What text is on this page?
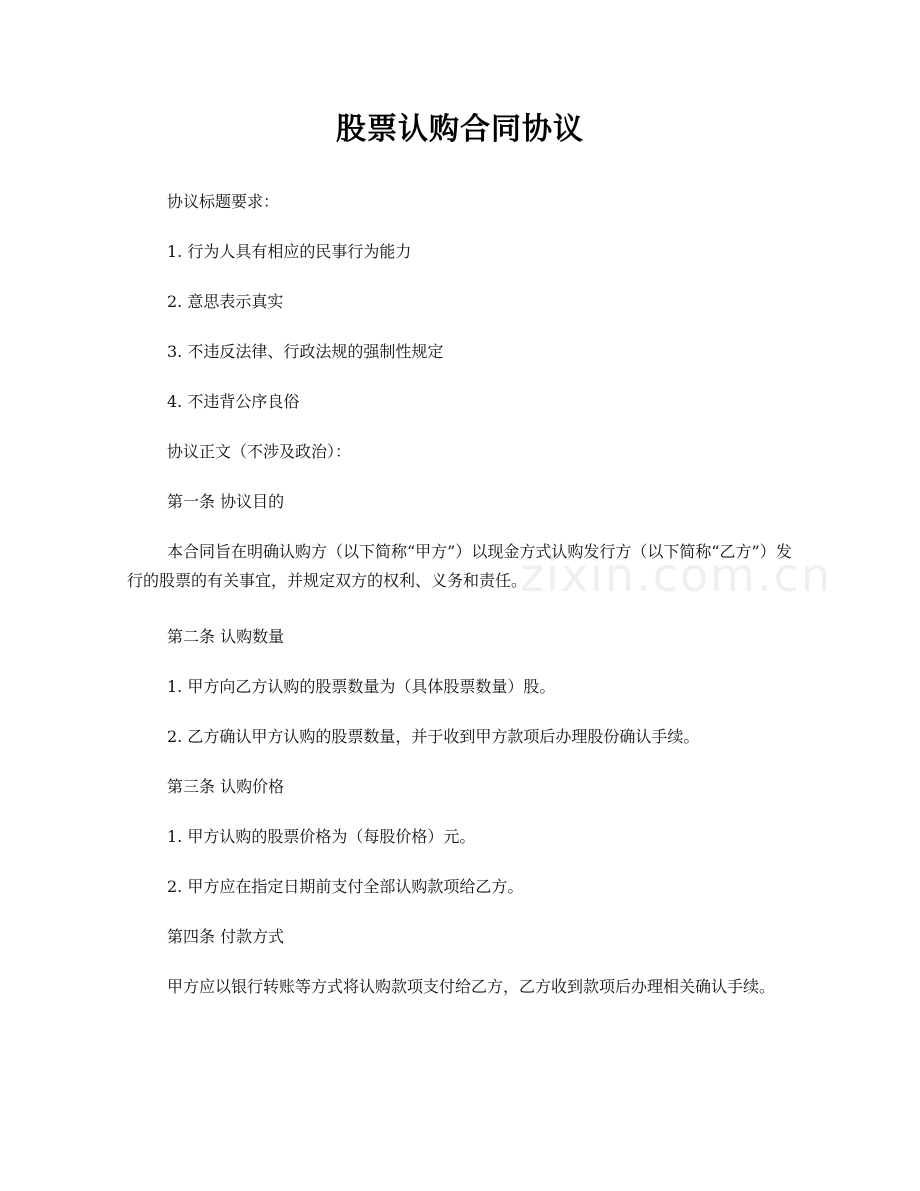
股票认购合同协议
协议标题要求：
1. 行为人具有相应的民事行为能力
2. 意思表示真实
3. 不违反法律、行政法规的强制性规定
4. 不违背公序良俗
协议正文（不涉及政治）：
第一条 协议目的
本合同旨在明确认购方（以下简称“甲方”）以现金方式认购发行方（以下简称“乙方”）发行的股票的有关事宜，并规定双方的权利、义务和责任。
第二条 认购数量
1. 甲方向乙方认购的股票数量为（具体股票数量）股。
2. 乙方确认甲方认购的股票数量，并于收到甲方款项后办理股份确认手续。
第三条 认购价格
1. 甲方认购的股票价格为（每股价格）元。
2. 甲方应在指定日期前支付全部认购款项给乙方。
第四条 付款方式
甲方应以银行转账等方式将认购款项支付给乙方，乙方收到款项后办理相关确认手续。
zixin.com.cn
